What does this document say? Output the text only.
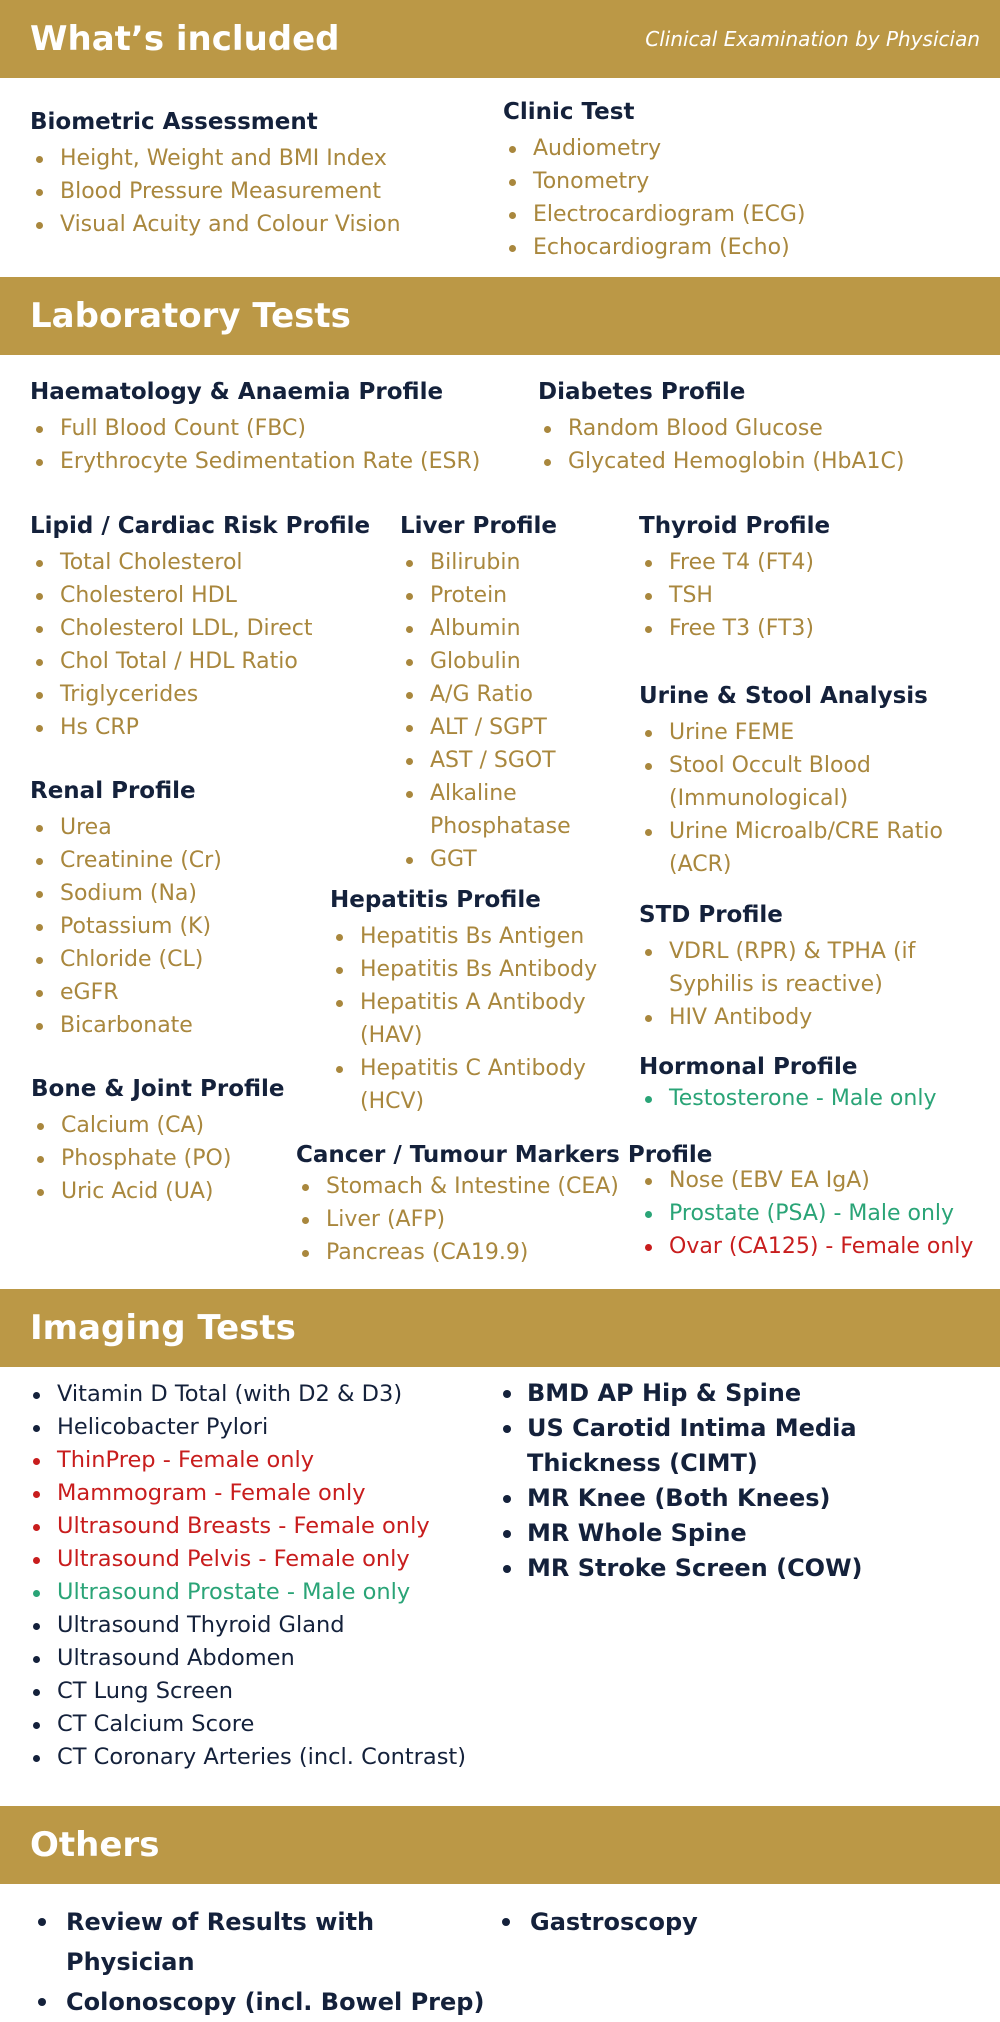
What’s included	Clinical Examination by Physician
Biometric Assessment
Height, Weight and BMI Index
Blood Pressure Measurement
Visual Acuity and Colour Vision
Clinic Test
Audiometry
Tonometry
Electrocardiogram (ECG)
Echocardiogram (Echo)
Laboratory Tests
Haematology & Anaemia Profile
Full Blood Count (FBC)
Erythrocyte Sedimentation Rate (ESR)
Diabetes Profile
Random Blood Glucose
Glycated Hemoglobin (HbA1C)
Lipid / Cardiac Risk Profile
Total Cholesterol
Cholesterol HDL
Cholesterol LDL, Direct
Chol Total / HDL Ratio
Triglycerides
Hs CRP
Liver Profile
Bilirubin
Protein
Albumin
Globulin
A/G Ratio
ALT / SGPT
AST / SGOT
Alkaline Phosphatase
GGT
Thyroid Profile
Free T4 (FT4)
TSH
Free T3 (FT3)
Urine & Stool Analysis
Urine FEME
Stool Occult Blood (Immunological)
Urine Microalb/CRE Ratio (ACR)
Renal Profile
Urea
Creatinine (Cr)
Sodium (Na)
Potassium (K)
Chloride (CL)
eGFR
Bicarbonate
Hepatitis Profile
Hepatitis Bs Antigen
Hepatitis Bs Antibody
Hepatitis A Antibody (HAV)
Hepatitis C Antibody (HCV)
STD Profile
VDRL (RPR) & TPHA (if Syphilis is reactive)
HIV Antibody
Hormonal Profile
Testosterone - Male only
Bone & Joint Profile
Calcium (CA)
Phosphate (PO)
Uric Acid (UA)
Cancer / Tumour Markers Profile
Stomach & Intestine (CEA)
Liver (AFP)
Pancreas (CA19.9)
Nose (EBV EA IgA)
Prostate (PSA) - Male only
Ovar (CA125) - Female only
Imaging Tests
Vitamin D Total (with D2 & D3)
Helicobacter Pylori
ThinPrep - Female only
Mammogram - Female only
Ultrasound Breasts - Female only
Ultrasound Pelvis - Female only
Ultrasound Prostate - Male only
Ultrasound Thyroid Gland
Ultrasound Abdomen
CT Lung Screen
CT Calcium Score
CT Coronary Arteries (incl. Contrast)
BMD AP Hip & Spine
US Carotid Intima Media Thickness (CIMT)
MR Knee (Both Knees)
MR Whole Spine
MR Stroke Screen (COW)
Others
Review of Results with Physician
Colonoscopy (incl. Bowel Prep)
Gastroscopy
